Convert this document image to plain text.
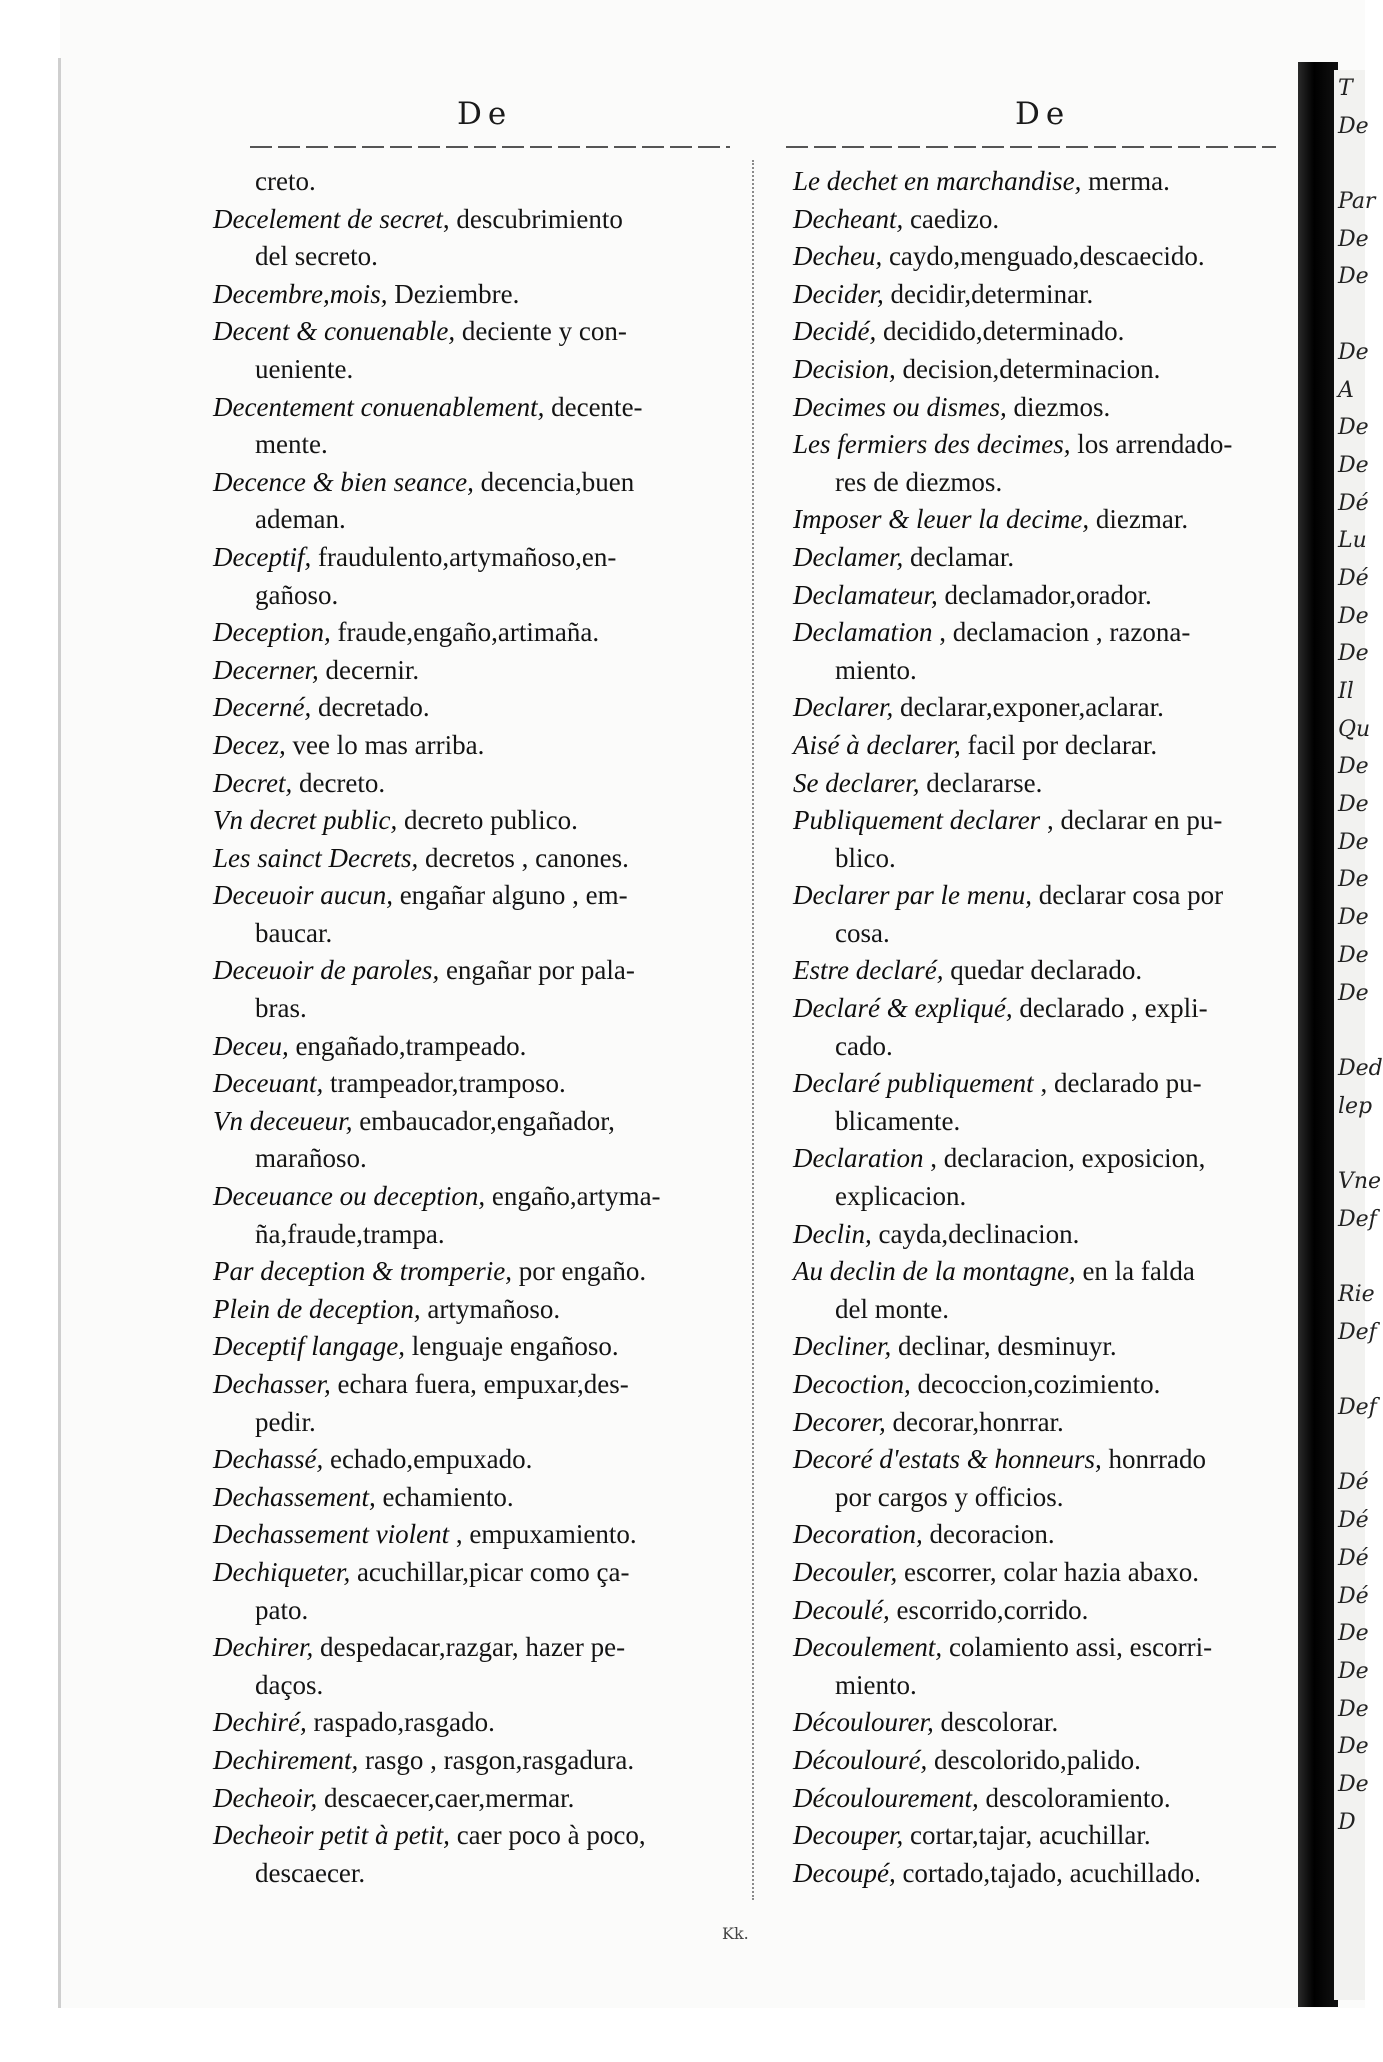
De	De
creto.
Decelement de secret, descubrimiento
del secreto.
Decembre,mois, Deziembre.
Decent & conuenable, deciente y con-
ueniente.
Decentement conuenablement, decente-
mente.
Decence & bien seance, decencia,buen
ademan.
Deceptif, fraudulento,artymañoso,en-
gañoso.
Deception, fraude,engaño,artimaña.
Decerner, decernir.
Decerné, decretado.
Decez, vee lo mas arriba.
Decret, decreto.
Vn decret public, decreto publico.
Les sainct Decrets, decretos , canones.
Deceuoir aucun, engañar alguno , em-
baucar.
Deceuoir de paroles, engañar por pala-
bras.
Deceu, engañado,trampeado.
Deceuant, trampeador,tramposo.
Vn deceueur, embaucador,engañador,
marañoso.
Deceuance ou deception, engaño,artyma-
ña,fraude,trampa.
Par deception & tromperie, por engaño.
Plein de deception, artymañoso.
Deceptif langage, lenguaje engañoso.
Dechasser, echara fuera, empuxar,des-
pedir.
Dechassé, echado,empuxado.
Dechassement, echamiento.
Dechassement violent , empuxamiento.
Dechiqueter, acuchillar,picar como ça-
pato.
Dechirer, despedacar,razgar, hazer pe-
daços.
Dechiré, raspado,rasgado.
Dechirement, rasgo , rasgon,rasgadura.
Decheoir, descaecer,caer,mermar.
Decheoir petit à petit, caer poco à poco,
descaecer.
Le dechet en marchandise, merma.
Decheant, caedizo.
Decheu, caydo,menguado,descaecido.
Decider, decidir,determinar.
Decidé, decidido,determinado.
Decision, decision,determinacion.
Decimes ou dismes, diezmos.
Les fermiers des decimes, los arrendado-
res de diezmos.
Imposer & leuer la decime, diezmar.
Declamer, declamar.
Declamateur, declamador,orador.
Declamation , declamacion , razona-
miento.
Declarer, declarar,exponer,aclarar.
Aisé à declarer, facil por declarar.
Se declarer, declararse.
Publiquement declarer , declarar en pu-
blico.
Declarer par le menu, declarar cosa por
cosa.
Estre declaré, quedar declarado.
Declaré & expliqué, declarado , expli-
cado.
Declaré publiquement , declarado pu-
blicamente.
Declaration , declaracion, exposicion,
explicacion.
Declin, cayda,declinacion.
Au declin de la montagne, en la falda
del monte.
Decliner, declinar, desminuyr.
Decoction, decoccion,cozimiento.
Decorer, decorar,honrrar.
Decoré d'estats & honneurs, honrrado
por cargos y officios.
Decoration, decoracion.
Decouler, escorrer, colar hazia abaxo.
Decoulé, escorrido,corrido.
Decoulement, colamiento assi, escorri-
miento.
Découlourer, descolorar.
Découlouré, descolorido,palido.
Découlourement, descoloramiento.
Decouper, cortar,tajar, acuchillar.
Decoupé, cortado,tajado, acuchillado.
Kk.
T
De
Par
De
De
De
A
De
De
Dé
Lu
Dé
De
De
Il
Qu
De
De
De
De
De
De
De
Ded
lep
Vne
Def
Rie
Def
Def
Dé
Dé
Dé
Dé
De
De
De
De
De
D
